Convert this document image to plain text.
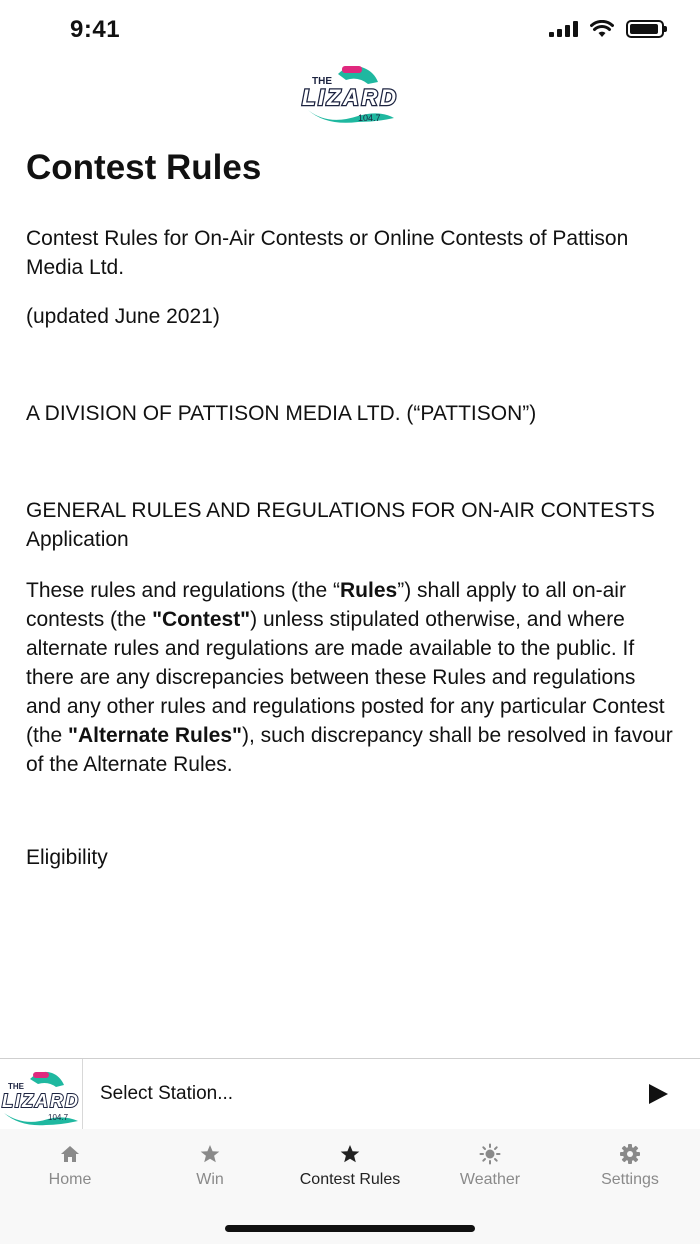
9:41
THE
LIZARD
104.7
Contest Rules

Contest Rules for On-Air Contests or Online Contests of Pattison Media Ltd.

(updated June 2021)

A DIVISION OF PATTISON MEDIA LTD. (“PATTISON”)

GENERAL RULES AND REGULATIONS FOR ON-AIR CONTESTS

Application

These rules and regulations (the “Rules”) shall apply to all on-air contests (the "Contest") unless stipulated otherwise, and where alternate rules and regulations are made available to the public. If there are any discrepancies between these Rules and regulations and any other rules and regulations posted for any particular Contest (the "Alternate Rules"), such discrepancy shall be resolved in favour of the Alternate Rules.

Eligibility

THE
LIZARD
104.7
Select Station...
Home	Win	Contest Rules	Weather	Settings
